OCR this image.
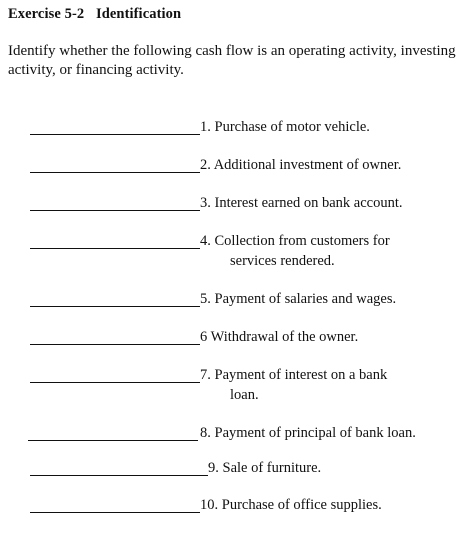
Exercise 5-2 Identification
Identify whether the following cash flow is an operating activity, investing activity, or financing activity.
1. Purchase of motor vehicle.
2. Additional investment of owner.
3. Interest earned on bank account.
4. Collection from customers for
services rendered.
5. Payment of salaries and wages.
6 Withdrawal of the owner.
7. Payment of interest on a bank
loan.
8. Payment of principal of bank loan.
9. Sale of furniture.
10. Purchase of office supplies.
